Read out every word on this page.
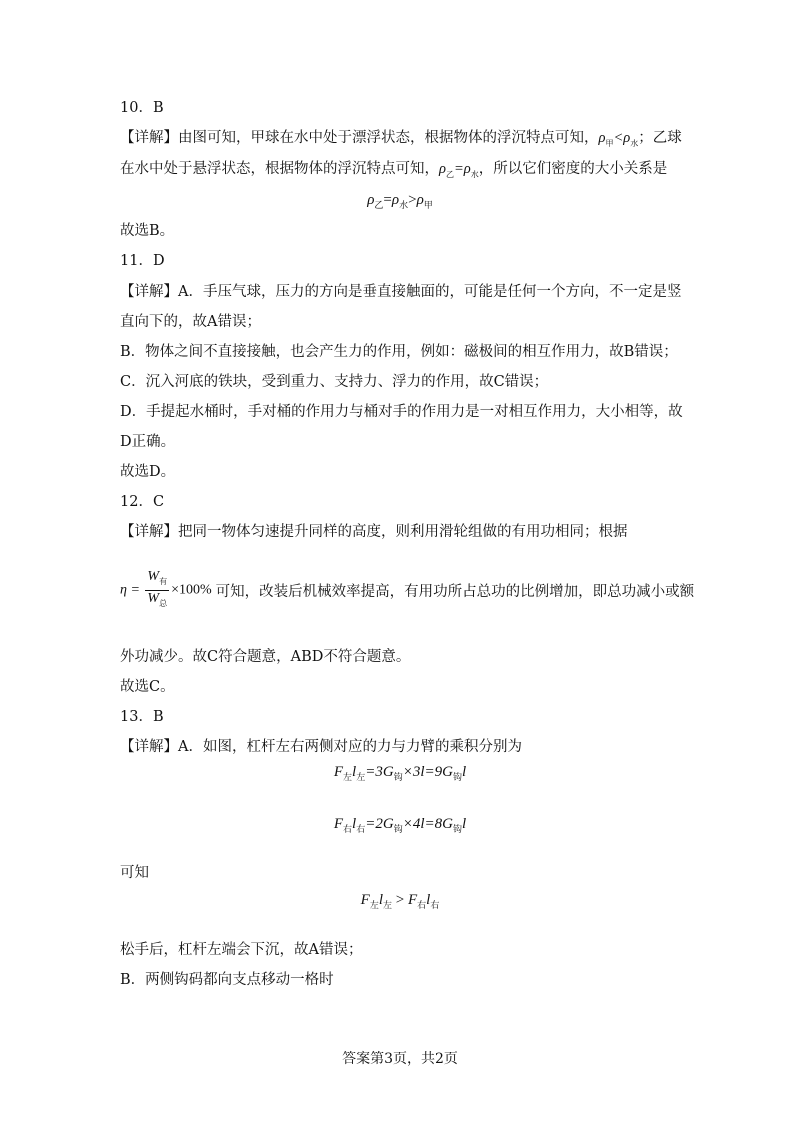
10．B
【详解】由图可知，甲球在水中处于漂浮状态，根据物体的浮沉特点可知，$\rho_甲<\rho_水$；乙球
在水中处于悬浮状态，根据物体的浮沉特点可知，$\rho_乙=\rho_水$，所以它们密度的大小关系是
$\rho_乙=\rho_水>\rho_甲$
故选B。
11．D
【详解】A．手压气球，压力的方向是垂直接触面的，可能是任何一个方向，不一定是竖
直向下的，故A错误；
B．物体之间不直接接触，也会产生力的作用，例如：磁极间的相互作用力，故B错误；
C．沉入河底的铁块，受到重力、支持力、浮力的作用，故C错误；
D．手提起水桶时，手对桶的作用力与桶对手的作用力是一对相互作用力，大小相等，故
D正确。
故选D。
12．C
【详解】把同一物体匀速提升同样的高度，则利用滑轮组做的有用功相同；根据
$\eta = \frac{W_有}{W_总} \times 100\%$ 可知，改装后机械效率提高，有用功所占总功的比例增加，即总功减小或额
外功减少。故C符合题意，ABD不符合题意。
故选C。
13．B
【详解】A．如图，杠杆左右两侧对应的力与力臂的乘积分别为
$F_左l_左=3G_钩\times 3l=9G_钩l$
$F_右l_右=2G_钩\times 4l=8G_钩l$
可知
$F_左l_左 > F_右l_右$
松手后，杠杆左端会下沉，故A错误；
B．两侧钩码都向支点移动一格时
答案第3页，共2页
